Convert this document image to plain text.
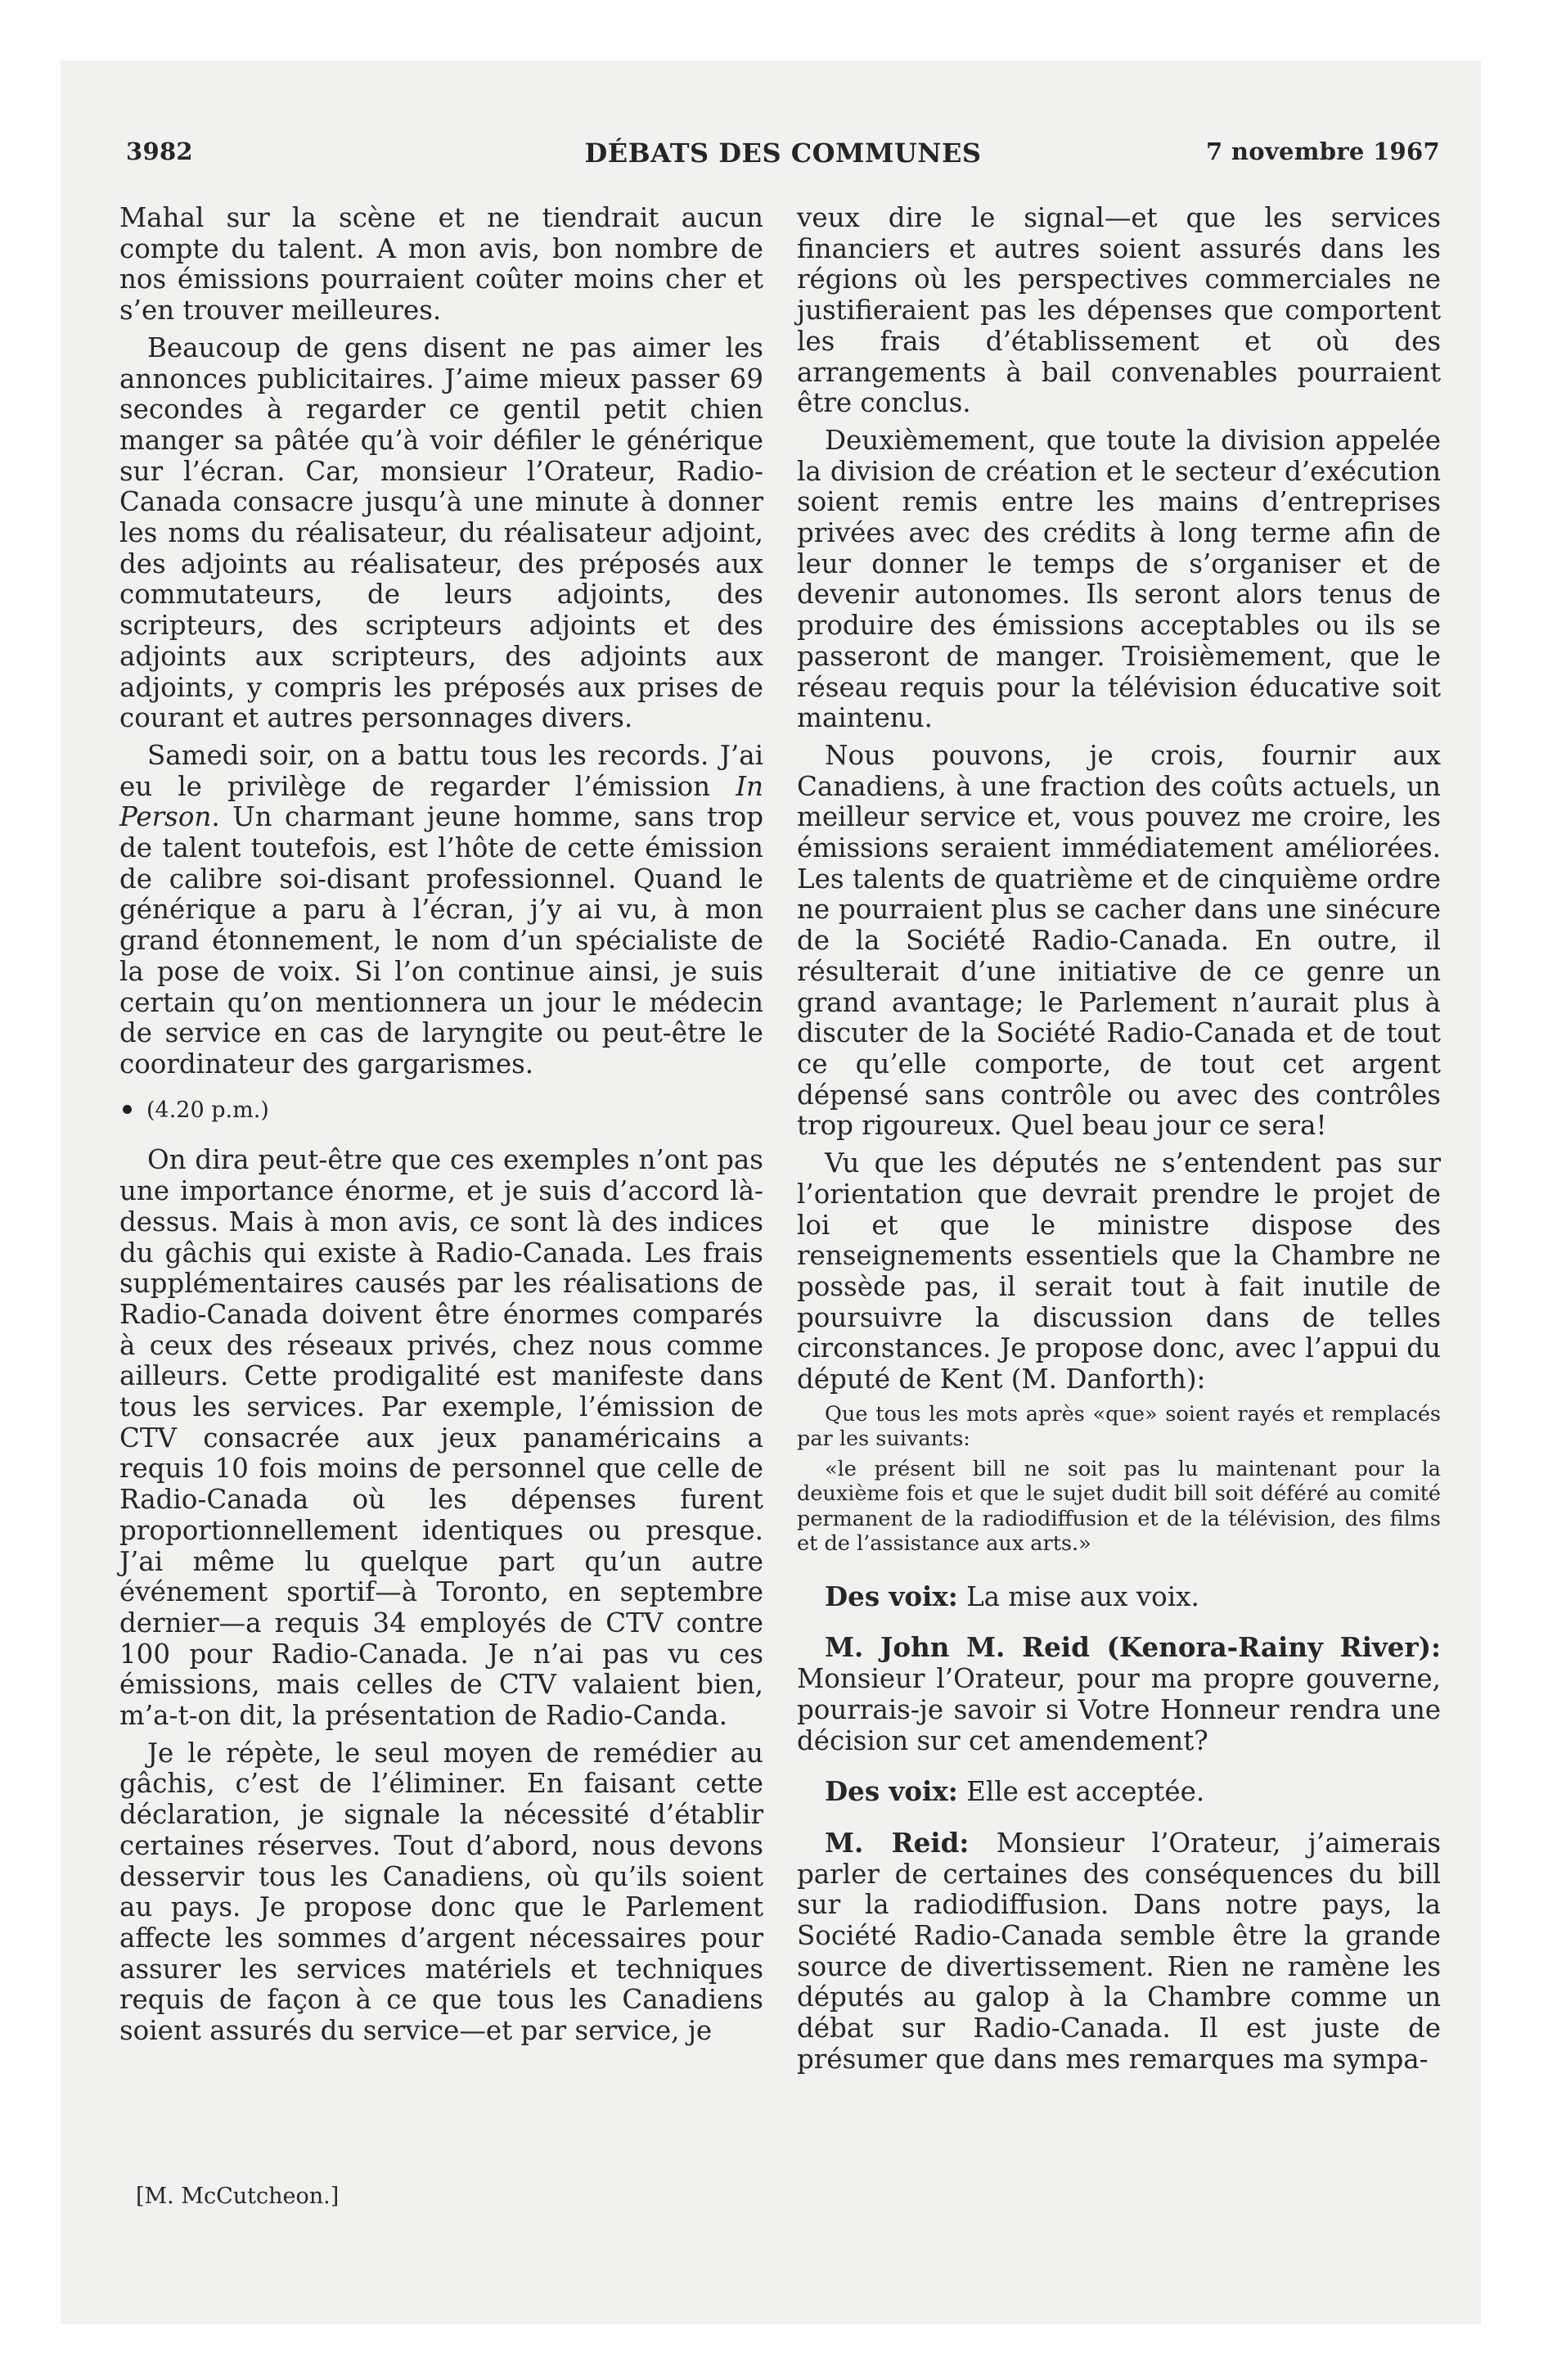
3982	DÉBATS DES COMMUNES	7 novembre 1967

Mahal sur la scène et ne tiendrait aucun compte du talent. A mon avis, bon nombre de nos émissions pourraient coûter moins cher et s’en trouver meilleures.

Beaucoup de gens disent ne pas aimer les annonces publicitaires. J’aime mieux passer 69 secondes à regarder ce gentil petit chien manger sa pâtée qu’à voir défiler le générique sur l’écran. Car, monsieur l’Orateur, Radio-Canada consacre jusqu’à une minute à donner les noms du réalisateur, du réalisateur adjoint, des adjoints au réalisateur, des préposés aux commutateurs, de leurs adjoints, des scripteurs, des scripteurs adjoints et des adjoints aux scripteurs, des adjoints aux adjoints, y compris les préposés aux prises de courant et autres personnages divers.

Samedi soir, on a battu tous les records. J’ai eu le privilège de regarder l’émission In Person. Un charmant jeune homme, sans trop de talent toutefois, est l’hôte de cette émission de calibre soi-disant professionnel. Quand le générique a paru à l’écran, j’y ai vu, à mon grand étonnement, le nom d’un spécialiste de la pose de voix. Si l’on continue ainsi, je suis certain qu’on mentionnera un jour le médecin de service en cas de laryngite ou peut-être le coordinateur des gargarismes.

(4.20 p.m.)

On dira peut-être que ces exemples n’ont pas une importance énorme, et je suis d’accord là-dessus. Mais à mon avis, ce sont là des indices du gâchis qui existe à Radio-Canada. Les frais supplémentaires causés par les réalisations de Radio-Canada doivent être énormes comparés à ceux des réseaux privés, chez nous comme ailleurs. Cette prodigalité est manifeste dans tous les services. Par exemple, l’émission de CTV consacrée aux jeux panaméricains a requis 10 fois moins de personnel que celle de Radio-Canada où les dépenses furent proportionnellement identiques ou presque. J’ai même lu quelque part qu’un autre événement sportif—à Toronto, en septembre dernier—a requis 34 employés de CTV contre 100 pour Radio-Canada. Je n’ai pas vu ces émissions, mais celles de CTV valaient bien, m’a-t-on dit, la présentation de Radio-Canda.

Je le répète, le seul moyen de remédier au gâchis, c’est de l’éliminer. En faisant cette déclaration, je signale la nécessité d’établir certaines réserves. Tout d’abord, nous devons desservir tous les Canadiens, où qu’ils soient au pays. Je propose donc que le Parlement affecte les sommes d’argent nécessaires pour assurer les services matériels et techniques requis de façon à ce que tous les Canadiens soient assurés du service—et par service, je

veux dire le signal—et que les services financiers et autres soient assurés dans les régions où les perspectives commerciales ne justifieraient pas les dépenses que comportent les frais d’établissement et où des arrangements à bail convenables pourraient être conclus.

Deuxièmement, que toute la division appelée la division de création et le secteur d’exécution soient remis entre les mains d’entreprises privées avec des crédits à long terme afin de leur donner le temps de s’organiser et de devenir autonomes. Ils seront alors tenus de produire des émissions acceptables ou ils se passeront de manger. Troisièmement, que le réseau requis pour la télévision éducative soit maintenu.

Nous pouvons, je crois, fournir aux Canadiens, à une fraction des coûts actuels, un meilleur service et, vous pouvez me croire, les émissions seraient immédiatement améliorées. Les talents de quatrième et de cinquième ordre ne pourraient plus se cacher dans une sinécure de la Société Radio-Canada. En outre, il résulterait d’une initiative de ce genre un grand avantage; le Parlement n’aurait plus à discuter de la Société Radio-Canada et de tout ce qu’elle comporte, de tout cet argent dépensé sans contrôle ou avec des contrôles trop rigoureux. Quel beau jour ce sera!

Vu que les députés ne s’entendent pas sur l’orientation que devrait prendre le projet de loi et que le ministre dispose des renseignements essentiels que la Chambre ne possède pas, il serait tout à fait inutile de poursuivre la discussion dans de telles circonstances. Je propose donc, avec l’appui du député de Kent (M. Danforth):

Que tous les mots après «que» soient rayés et remplacés par les suivants:

«le présent bill ne soit pas lu maintenant pour la deuxième fois et que le sujet dudit bill soit déféré au comité permanent de la radiodiffusion et de la télévision, des films et de l’assistance aux arts.»

Des voix: La mise aux voix.

M. John M. Reid (Kenora-Rainy River): Monsieur l’Orateur, pour ma propre gouverne, pourrais-je savoir si Votre Honneur rendra une décision sur cet amendement?

Des voix: Elle est acceptée.

M. Reid: Monsieur l’Orateur, j’aimerais parler de certaines des conséquences du bill sur la radiodiffusion. Dans notre pays, la Société Radio-Canada semble être la grande source de divertissement. Rien ne ramène les députés au galop à la Chambre comme un débat sur Radio-Canada. Il est juste de présumer que dans mes remarques ma sympa-

[M. McCutcheon.]
